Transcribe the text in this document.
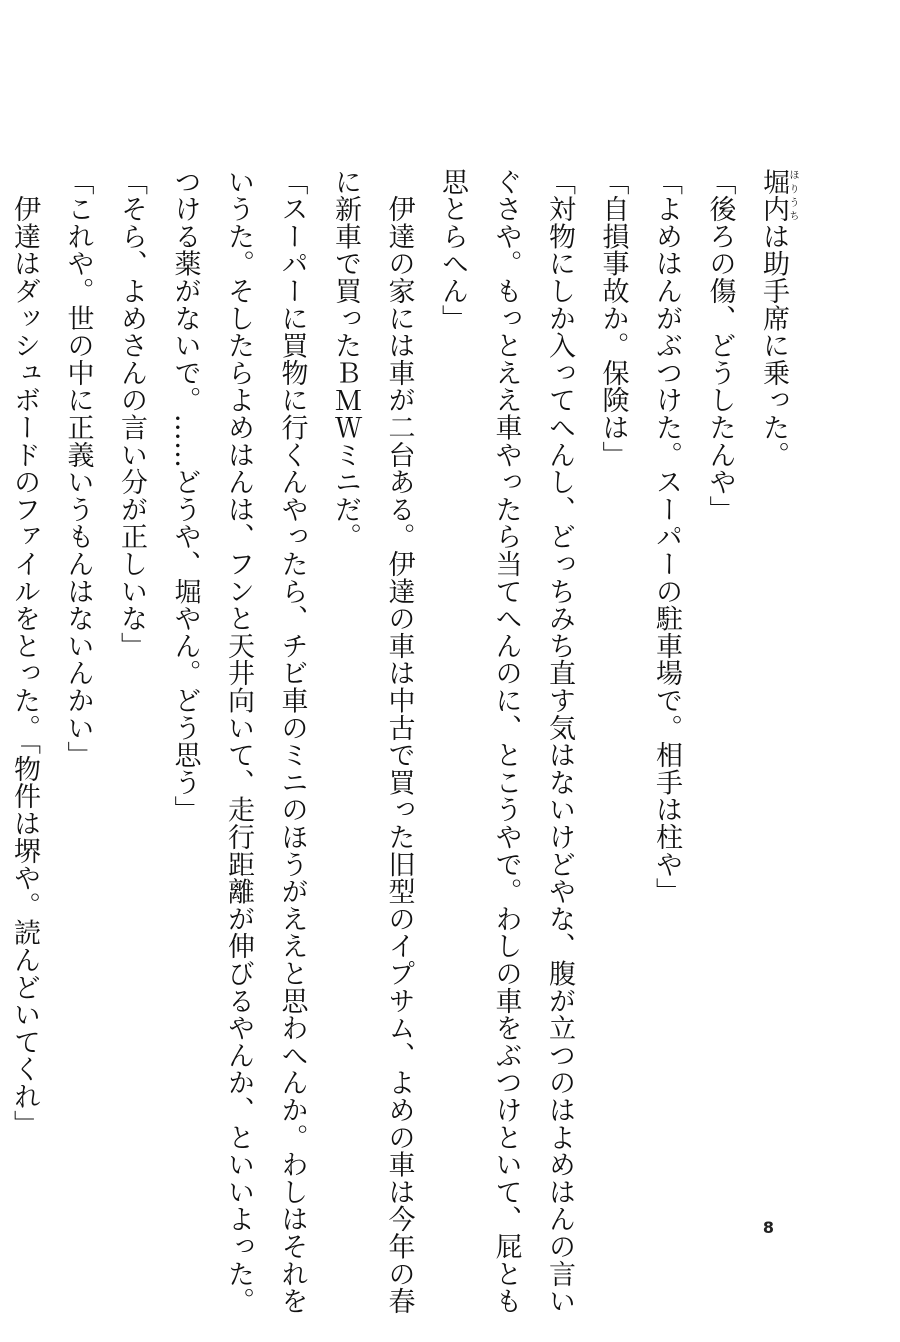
堀内ほりうちは助手席に乗った。

「後ろの傷、どうしたんや」

「よめはんがぶつけた。スーパーの駐車場で。相手は柱や」

「自損事故か。保険は」

「対物にしか入ってへんし、どっちみち直す気はないけどやな、腹が立つのはよめはんの言い

ぐさや。もっとええ車やったら当てへんのに、とこうやで。わしの車をぶつけといて、屁とも

思とらへん」

　伊達の家には車が二台ある。伊達の車は中古で買った旧型のイプサム、よめの車は今年の春

に新車で買ったＢＭＷミニだ。

「スーパーに買物に行くんやったら、チビ車のミニのほうがええと思わへんか。わしはそれを

いうた。そしたらよめはんは、フンと天井向いて、走行距離が伸びるやんか、といいよった。

つける薬がないで。……どうや、堀やん。どう思う」

「そら、よめさんの言い分が正しいな」

「これや。世の中に正義いうもんはないんかい」

　伊達はダッシュボードのファイルをとった。「物件は堺や。読んどいてくれ」

8
